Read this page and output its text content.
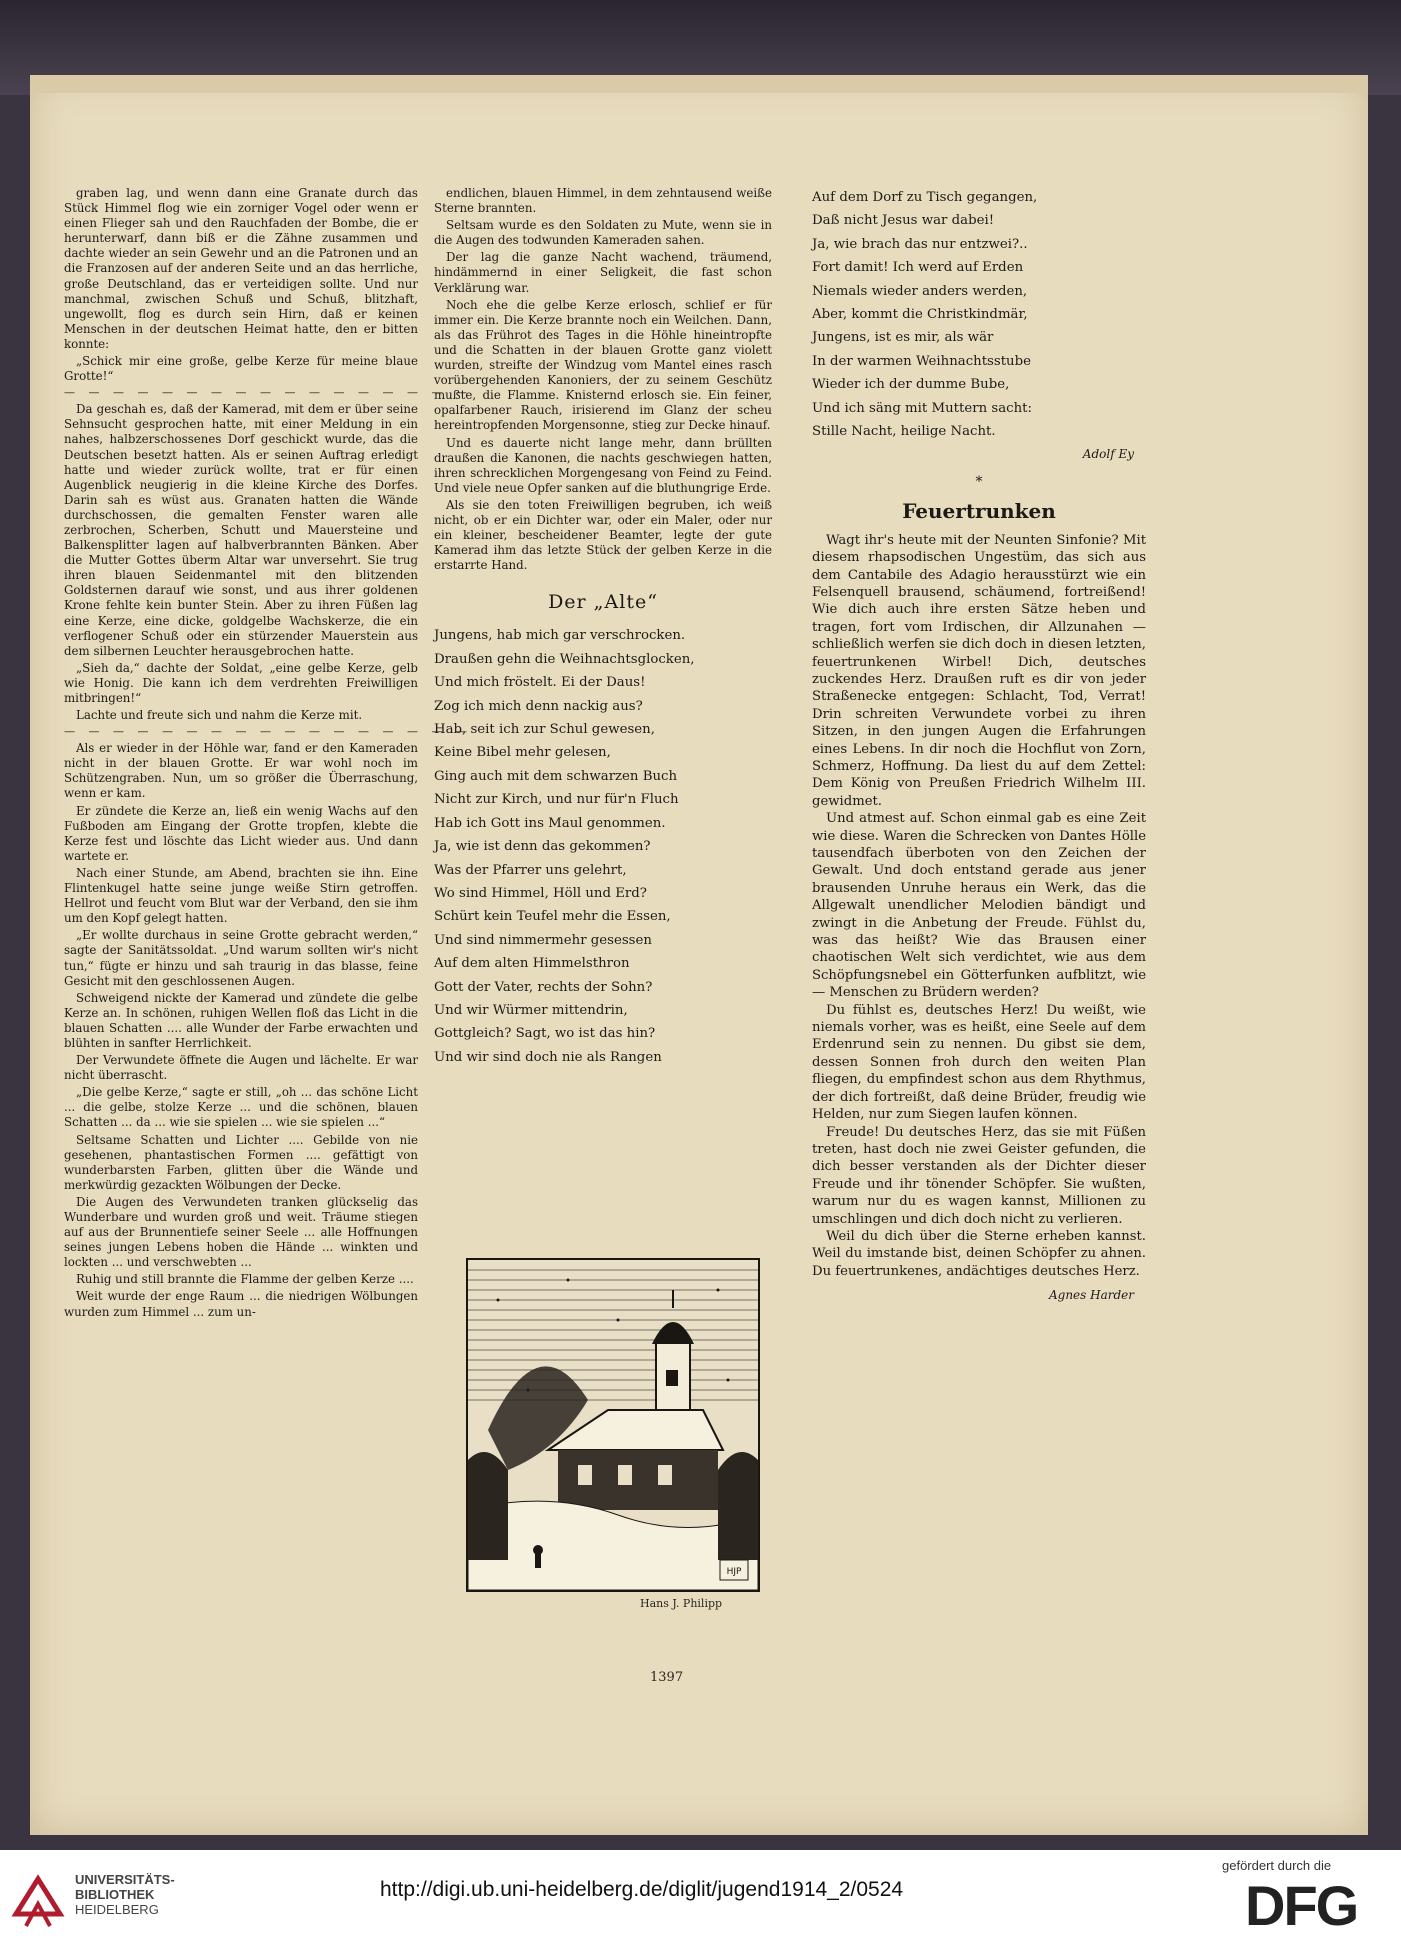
graben lag, und wenn dann eine Granate durch das Stück Himmel flog wie ein zorniger Vogel oder wenn er einen Flieger sah und den Rauchfaden der Bombe, die er herunterwarf, dann biß er die Zähne zusammen und dachte wieder an sein Gewehr und an die Patronen und an die Franzosen auf der anderen Seite und an das herrliche, große Deutschland, das er verteidigen sollte. Und nur manchmal, zwischen Schuß und Schuß, blitzhaft, ungewollt, flog es durch sein Hirn, daß er keinen Menschen in der deutschen Heimat hatte, den er bitten konnte:

„Schick mir eine große, gelbe Kerze für meine blaue Grotte!“

— — — — — — — — — — — — — — — — —

Da geschah es, daß der Kamerad, mit dem er über seine Sehnsucht gesprochen hatte, mit einer Meldung in ein nahes, halbzerschossenes Dorf geschickt wurde, das die Deutschen besetzt hatten. Als er seinen Auftrag erledigt hatte und wieder zurück wollte, trat er für einen Augenblick neugierig in die kleine Kirche des Dorfes. Darin sah es wüst aus. Granaten hatten die Wände durchschossen, die gemalten Fenster waren alle zerbrochen, Scherben, Schutt und Mauersteine und Balkensplitter lagen auf halbverbrannten Bänken. Aber die Mutter Gottes überm Altar war unversehrt. Sie trug ihren blauen Seidenmantel mit den blitzenden Goldsternen darauf wie sonst, und aus ihrer goldenen Krone fehlte kein bunter Stein. Aber zu ihren Füßen lag eine Kerze, eine dicke, goldgelbe Wachskerze, die ein verflogener Schuß oder ein stürzender Mauerstein aus dem silbernen Leuchter herausgebrochen hatte.

„Sieh da,“ dachte der Soldat, „eine gelbe Kerze, gelb wie Honig. Die kann ich dem verdrehten Freiwilligen mitbringen!“

Lachte und freute sich und nahm die Kerze mit.

— — — — — — — — — — — — — — — — —

Als er wieder in der Höhle war, fand er den Kameraden nicht in der blauen Grotte. Er war wohl noch im Schützengraben. Nun, um so größer die Überraschung, wenn er kam.

Er zündete die Kerze an, ließ ein wenig Wachs auf den Fußboden am Eingang der Grotte tropfen, klebte die Kerze fest und löschte das Licht wieder aus. Und dann wartete er.

Nach einer Stunde, am Abend, brachten sie ihn. Eine Flintenkugel hatte seine junge weiße Stirn getroffen. Hellrot und feucht vom Blut war der Verband, den sie ihm um den Kopf gelegt hatten.

„Er wollte durchaus in seine Grotte gebracht werden,“ sagte der Sanitätssoldat. „Und warum sollten wir's nicht tun,“ fügte er hinzu und sah traurig in das blasse, feine Gesicht mit den geschlossenen Augen.

Schweigend nickte der Kamerad und zündete die gelbe Kerze an. In schönen, ruhigen Wellen floß das Licht in die blauen Schatten .... alle Wunder der Farbe erwachten und blühten in sanfter Herrlichkeit.

Der Verwundete öffnete die Augen und lächelte. Er war nicht überrascht.

„Die gelbe Kerze,“ sagte er still, „oh ... das schöne Licht ... die gelbe, stolze Kerze ... und die schönen, blauen Schatten ... da ... wie sie spielen ... wie sie spielen ...“

Seltsame Schatten und Lichter .... Gebilde von nie gesehenen, phantastischen Formen .... gefättigt von wunderbarsten Farben, glitten über die Wände und merkwürdig gezackten Wölbungen der Decke.

Die Augen des Verwundeten tranken glückselig das Wunderbare und wurden groß und weit. Träume stiegen auf aus der Brunnentiefe seiner Seele ... alle Hoffnungen seines jungen Lebens hoben die Hände ... winkten und lockten ... und verschwebten ...

Ruhig und still brannte die Flamme der gelben Kerze ....

Weit wurde der enge Raum ... die niedrigen Wölbungen wurden zum Himmel ... zum un-

endlichen, blauen Himmel, in dem zehntausend weiße Sterne brannten.

Seltsam wurde es den Soldaten zu Mute, wenn sie in die Augen des todwunden Kameraden sahen.

Der lag die ganze Nacht wachend, träumend, hindämmernd in einer Seligkeit, die fast schon Verklärung war.

Noch ehe die gelbe Kerze erlosch, schlief er für immer ein. Die Kerze brannte noch ein Weilchen. Dann, als das Frührot des Tages in die Höhle hineintropfte und die Schatten in der blauen Grotte ganz violett wurden, streifte der Windzug vom Mantel eines rasch vorübergehenden Kanoniers, der zu seinem Geschütz mußte, die Flamme. Knisternd erlosch sie. Ein feiner, opalfarbener Rauch, irisierend im Glanz der scheu hereintropfenden Morgensonne, stieg zur Decke hinauf.

Und es dauerte nicht lange mehr, dann brüllten draußen die Kanonen, die nachts geschwiegen hatten, ihren schrecklichen Morgengesang von Feind zu Feind. Und viele neue Opfer sanken auf die bluthungrige Erde.

Als sie den toten Freiwilligen begruben, ich weiß nicht, ob er ein Dichter war, oder ein Maler, oder nur ein kleiner, bescheidener Beamter, legte der gute Kamerad ihm das letzte Stück der gelben Kerze in die erstarrte Hand.

Der „Alte“
Jungens, hab mich gar verschrocken.
Draußen gehn die Weihnachtsglocken,
Und mich fröstelt. Ei der Daus!
Zog ich mich denn nackig aus?
Hab, seit ich zur Schul gewesen,
Keine Bibel mehr gelesen,
Ging auch mit dem schwarzen Buch
Nicht zur Kirch, und nur für'n Fluch
Hab ich Gott ins Maul genommen.
Ja, wie ist denn das gekommen?
Was der Pfarrer uns gelehrt,
Wo sind Himmel, Höll und Erd?
Schürt kein Teufel mehr die Essen,
Und sind nimmermehr gesessen
Auf dem alten Himmelsthron
Gott der Vater, rechts der Sohn?
Und wir Würmer mittendrin,
Gottgleich? Sagt, wo ist das hin?
Und wir sind doch nie als Rangen
HJP
Hans J. Philipp
Auf dem Dorf zu Tisch gegangen,
Daß nicht Jesus war dabei!
Ja, wie brach das nur entzwei?..
Fort damit! Ich werd auf Erden
Niemals wieder anders werden,
Aber, kommt die Christkindmär,
Jungens, ist es mir, als wär
In der warmen Weihnachtsstube
Wieder ich der dumme Bube,
Und ich säng mit Muttern sacht:
Stille Nacht, heilige Nacht.
Adolf Ey
*
Feuertrunken

Wagt ihr's heute mit der Neunten Sinfonie? Mit diesem rhapsodischen Ungestüm, das sich aus dem Cantabile des Adagio herausstürzt wie ein Felsenquell brausend, schäumend, fortreißend! Wie dich auch ihre ersten Sätze heben und tragen, fort vom Irdischen, dir Allzunahen — schließlich werfen sie dich doch in diesen letzten, feuertrunkenen Wirbel! Dich, deutsches zuckendes Herz. Draußen ruft es dir von jeder Straßenecke entgegen: Schlacht, Tod, Verrat! Drin schreiten Verwundete vorbei zu ihren Sitzen, in den jungen Augen die Erfahrungen eines Lebens. In dir noch die Hochflut von Zorn, Schmerz, Hoffnung. Da liest du auf dem Zettel: Dem König von Preußen Friedrich Wilhelm III. gewidmet.

Und atmest auf. Schon einmal gab es eine Zeit wie diese. Waren die Schrecken von Dantes Hölle tausendfach überboten von den Zeichen der Gewalt. Und doch entstand gerade aus jener brausenden Unruhe heraus ein Werk, das die Allgewalt unendlicher Melodien bändigt und zwingt in die Anbetung der Freude. Fühlst du, was das heißt? Wie das Brausen einer chaotischen Welt sich verdichtet, wie aus dem Schöpfungsnebel ein Götterfunken aufblitzt, wie — Menschen zu Brüdern werden?

Du fühlst es, deutsches Herz! Du weißt, wie niemals vorher, was es heißt, eine Seele auf dem Erdenrund sein zu nennen. Du gibst sie dem, dessen Sonnen froh durch den weiten Plan fliegen, du empfindest schon aus dem Rhythmus, der dich fortreißt, daß deine Brüder, freudig wie Helden, nur zum Siegen laufen können.

Freude! Du deutsches Herz, das sie mit Füßen treten, hast doch nie zwei Geister gefunden, die dich besser verstanden als der Dichter dieser Freude und ihr tönender Schöpfer. Sie wußten, warum nur du es wagen kannst, Millionen zu umschlingen und dich doch nicht zu verlieren.

Weil du dich über die Sterne erheben kannst. Weil du imstande bist, deinen Schöpfer zu ahnen. Du feuertrunkenes, andächtiges deutsches Herz.

Agnes Harder
1397
UNIVERSITÄTS-
BIBLIOTHEK
HEIDELBERG
http://digi.ub.uni-heidelberg.de/diglit/jugend1914_2/0524
gefördert durch die
DFG
